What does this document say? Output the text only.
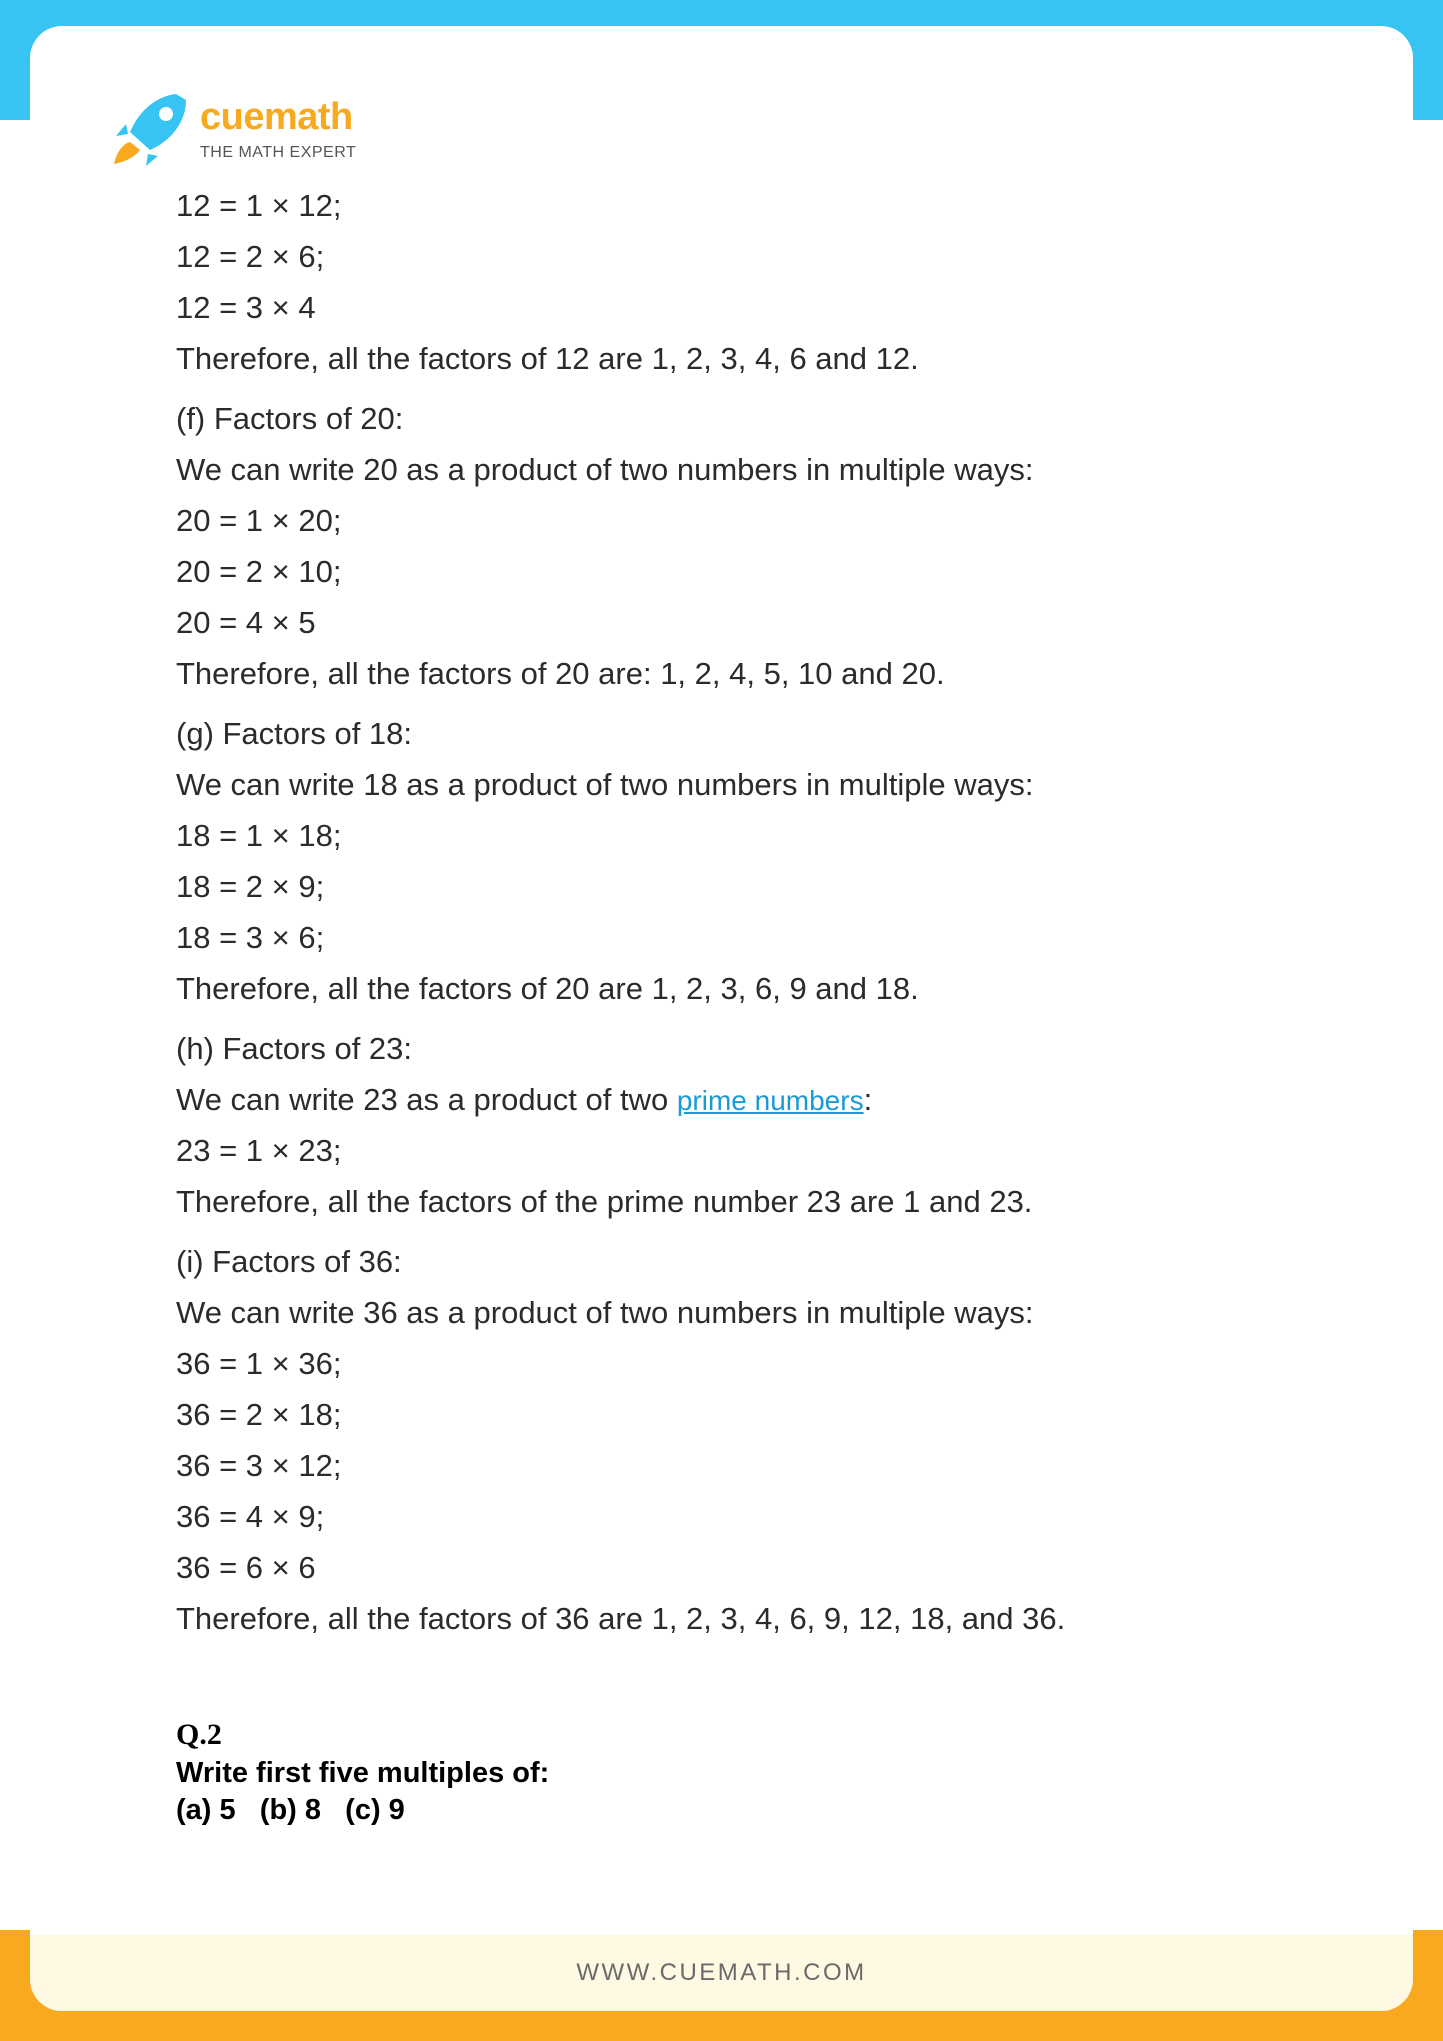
cuemath
THE MATH EXPERT
WWW.CUEMATH.COM
12 = 1 × 12;
12 = 2 × 6;
12 = 3 × 4
Therefore, all the factors of 12 are 1, 2, 3, 4, 6 and 12.
(f) Factors of 20:
We can write 20 as a product of two numbers in multiple ways:
20 = 1 × 20;
20 = 2 × 10;
20 = 4 × 5
Therefore, all the factors of 20 are: 1, 2, 4, 5, 10 and 20.
(g) Factors of 18:
We can write 18 as a product of two numbers in multiple ways:
18 = 1 × 18;
18 = 2 × 9;
18 = 3 × 6;
Therefore, all the factors of 20 are 1, 2, 3, 6, 9 and 18.
(h) Factors of 23:
We can write 23 as a product of two prime numbers:
23 = 1 × 23;
Therefore, all the factors of the prime number 23 are 1 and 23.
(i) Factors of 36:
We can write 36 as a product of two numbers in multiple ways:
36 = 1 × 36;
36 = 2 × 18;
36 = 3 × 12;
36 = 4 × 9;
36 = 6 × 6
Therefore, all the factors of 36 are 1, 2, 3, 4, 6, 9, 12, 18, and 36.
Q.2
Write first five multiples of:
(a) 5   (b) 8   (c) 9
